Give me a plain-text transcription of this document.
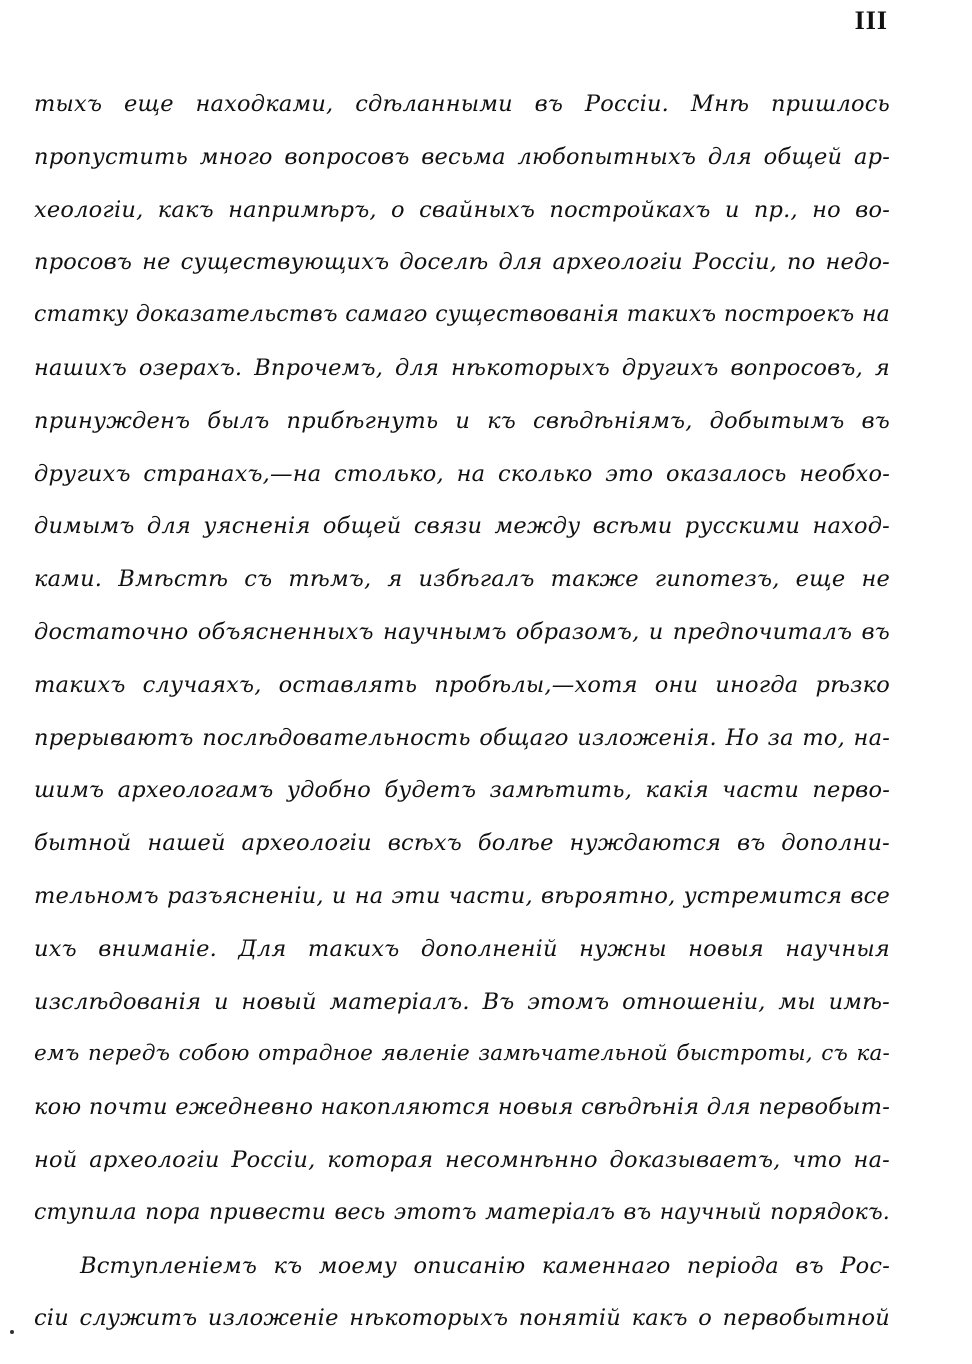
III
тыхъ еще находками, сдѣланными въ Россіи. Мнѣ пришлось
пропустить много вопросовъ весьма любопытныхъ для общей ар-
хеологіи, какъ напримѣръ, о свайныхъ постройкахъ и пр., но во-
просовъ не существующихъ доселѣ для археологіи Россіи, по недо-
статку доказательствъ самаго существованія такихъ построекъ на
нашихъ озерахъ. Впрочемъ, для нѣкоторыхъ другихъ вопросовъ, я
принужденъ былъ прибѣгнуть и къ свѣдѣніямъ, добытымъ въ
другихъ странахъ,—на столько, на сколько это оказалось необхо-
димымъ для уясненія общей связи между всѣми русскими наход-
ками. Вмѣстѣ съ тѣмъ, я избѣгалъ также гипотезъ, еще не
достаточно объясненныхъ научнымъ образомъ, и предпочиталъ въ
такихъ случаяхъ, оставлять пробѣлы,—хотя они иногда рѣзко
прерываютъ послѣдовательность общаго изложенія. Но за то, на-
шимъ археологамъ удобно будетъ замѣтить, какія части перво-
бытной нашей археологіи всѣхъ болѣе нуждаются въ дополни-
тельномъ разъясненіи, и на эти части, вѣроятно, устремится все
ихъ вниманіе. Для такихъ дополненій нужны новыя научныя
изслѣдованія и новый матеріалъ. Въ этомъ отношеніи, мы имѣ-
емъ передъ собою отрадное явленіе замѣчательной быстроты, съ ка-
кою почти ежедневно накопляются новыя свѣдѣнія для первобыт-
ной археологіи Россіи, которая несомнѣнно доказываетъ, что на-
ступила пора привести весь этотъ матеріалъ въ научный порядокъ.
Вступленіемъ къ моему описанію каменнаго періода въ Рос-
сіи служитъ изложеніе нѣкоторыхъ понятій какъ о первобытной
